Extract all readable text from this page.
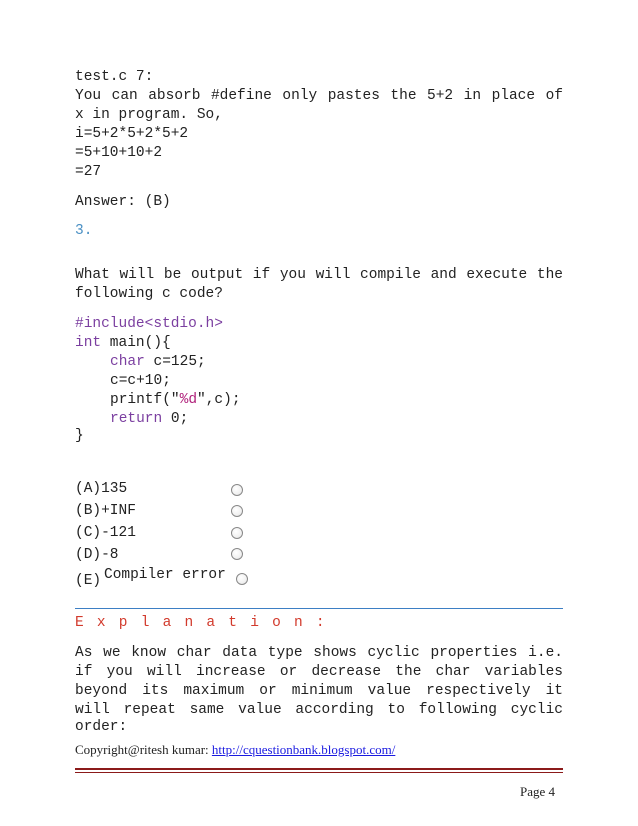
test.c 7:
You can absorb #define only pastes the 5+2 in place of
x in program. So,
i=5+2*5+2*5+2
=5+10+10+2
=27
Answer: (B)
3.
What will be output if you will compile and execute the
following c code?
#include<stdio.h>
int main(){
char c=125;
c=c+10;
printf("%d",c);
return 0;
}
(A)135
(B)+INF
(C)-121
(D)-8
(E) Compiler error
Explanation:
As we know char data type shows cyclic properties i.e.
if you will increase or decrease the char variables
beyond its maximum or minimum value respectively it
will repeat same value according to following cyclic
order:
Copyright@ritesh kumar: http://cquestionbank.blogspot.com/
Page 4
